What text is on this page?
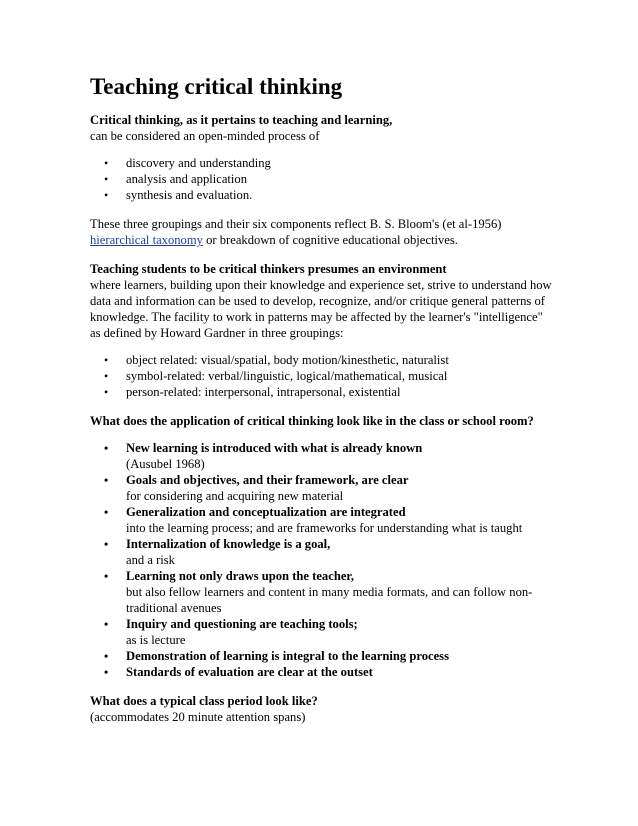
Teaching critical thinking

Critical thinking, as it pertains to teaching and learning,

can be considered an open-minded process of

• discovery and understanding
• analysis and application
• synthesis and evaluation.

These three groupings and their six components reflect B. S. Bloom's (et al-1956)

hierarchical taxonomy or breakdown of cognitive educational objectives.

Teaching students to be critical thinkers presumes an environment

where learners, building upon their knowledge and experience set, strive to understand how

data and information can be used to develop, recognize, and/or critique general patterns of

knowledge. The facility to work in patterns may be affected by the learner's "intelligence"

as defined by Howard Gardner in three groupings:

• object related: visual/spatial, body motion/kinesthetic, naturalist
• symbol-related: verbal/linguistic, logical/mathematical, musical
• person-related: interpersonal, intrapersonal, existential

What does the application of critical thinking look like in the class or school room?

• New learning is introduced with what is already known
(Ausubel 1968)
• Goals and objectives, and their framework, are clear
for considering and acquiring new material
• Generalization and conceptualization are integrated
into the learning process; and are frameworks for understanding what is taught
• Internalization of knowledge is a goal,
and a risk
• Learning not only draws upon the teacher,
but also fellow learners and content in many media formats, and can follow non-traditional avenues
• Inquiry and questioning are teaching tools;
as is lecture
• Demonstration of learning is integral to the learning process
• Standards of evaluation are clear at the outset

What does a typical class period look like?

(accommodates 20 minute attention spans)
